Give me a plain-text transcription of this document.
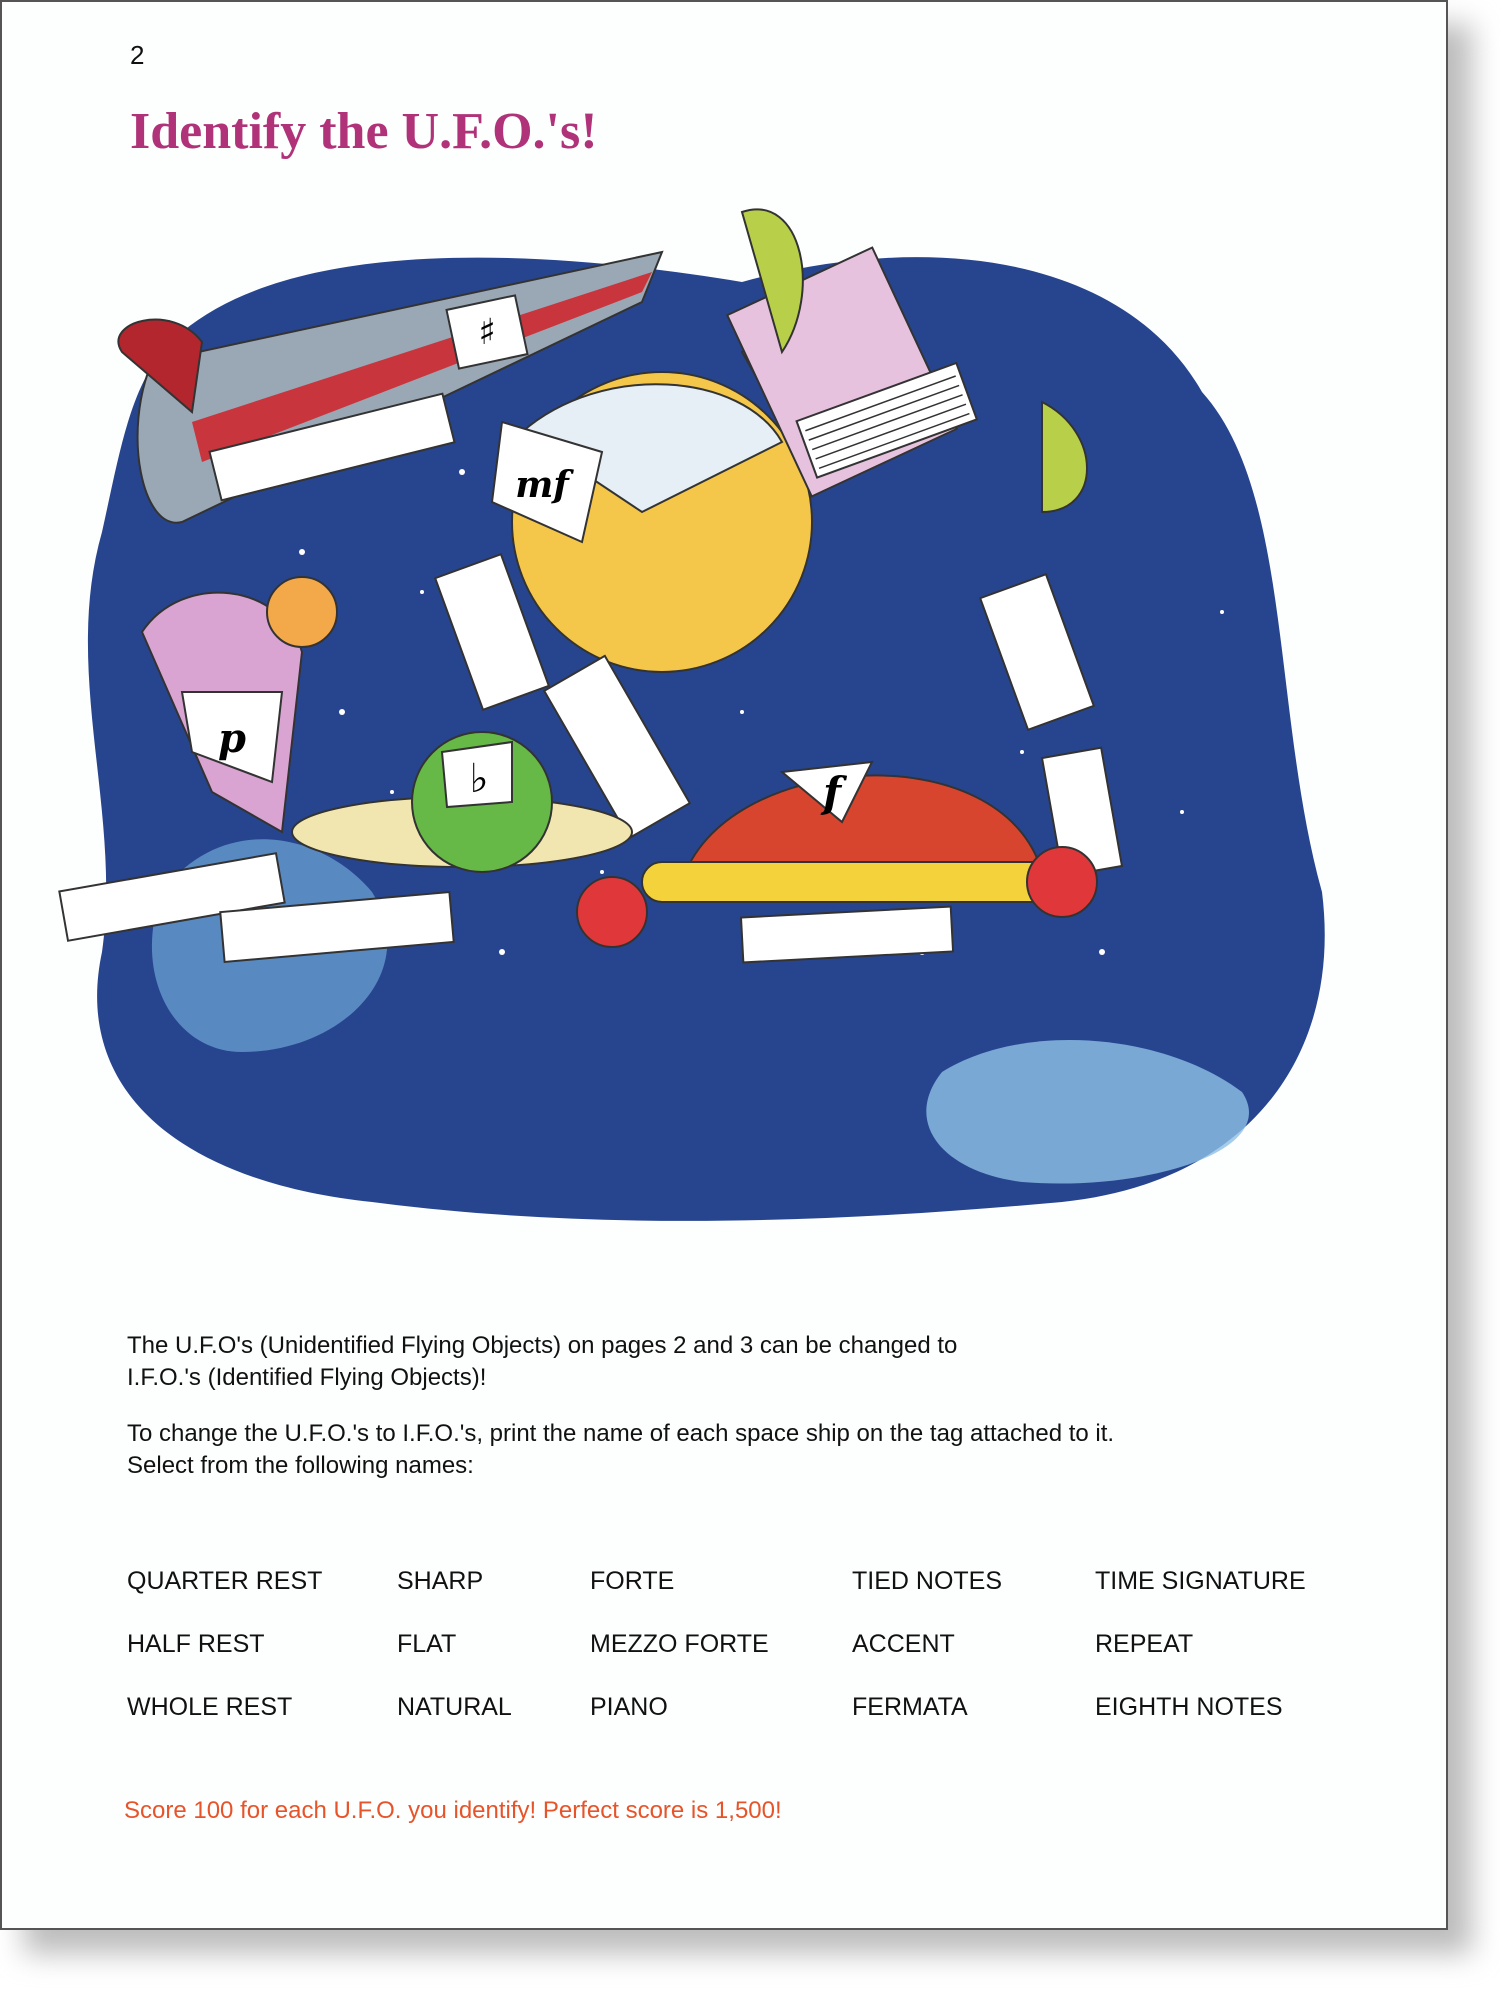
2
Identify the U.F.O.'s!
♯
mf
p
♭	f

The U.F.O's (Unidentified Flying Objects) on pages 2 and 3 can be changed to
I.F.O.'s (Identified Flying Objects)!

To change the U.F.O.'s to I.F.O.'s, print the name of each space ship on the tag attached to it.
Select from the following names:

QUARTER REST	SHARP	FORTE	TIED NOTES	TIME SIGNATURE
HALF REST	FLAT	MEZZO FORTE	ACCENT	REPEAT
WHOLE REST	NATURAL	PIANO	FERMATA	EIGHTH NOTES
Score 100 for each U.F.O. you identify! Perfect score is 1,500!
